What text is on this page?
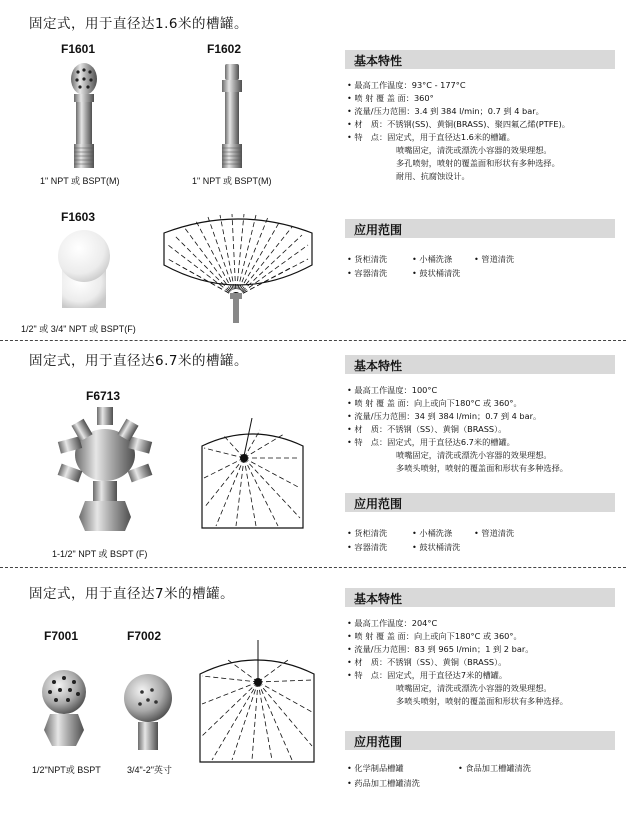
固定式，用于直径达1.6米的槽罐。
F1601	F1602
1" NPT 或 BSPT(M)	1" NPT 或 BSPT(M)
F1603
1/2" 或 3/4" NPT 或 BSPT(F)
基本特性
• 最高工作温度：93°C - 177°C
• 喷 射 覆 盖 面：360°
• 流量/压力范围：3.4 到 384 l/min；0.7 到 4 bar。
• 材　质：不锈钢(SS)、黄铜(BRASS)、聚四氟乙烯(PTFE)。
• 特　点：固定式，用于直径达1.6米的槽罐。
喷嘴固定，清洗或漂洗小容器的效果理想。
多孔喷射，喷射的覆盖面和形状有多种选择。
耐用、抗腐蚀设计。
应用范围
• 货柜清洗	• 小桶洗涤	• 管道清洗
• 容器清洗	• 鼓状桶清洗
固定式，用于直径达6.7米的槽罐。
F6713
1-1/2" NPT 或 BSPT (F)
基本特性
• 最高工作温度：100°C
• 喷 射 覆 盖 面：向上或向下180°C 或 360°。
• 流量/压力范围：34 到 384 l/min；0.7 到 4 bar。
• 材　质：不锈钢（SS）、黄铜（BRASS）。
• 特　点：固定式，用于直径达6.7米的槽罐。
喷嘴固定，清洗或漂洗小容器的效果理想。
多喷头喷射，喷射的覆盖面和形状有多种选择。
应用范围
• 货柜清洗	• 小桶洗涤	• 管道清洗
• 容器清洗	• 鼓状桶清洗
固定式，用于直径达7米的槽罐。
F7001	F7002
1/2"NPT或 BSPT	3/4"-2"英寸
基本特性
• 最高工作温度：204°C
• 喷 射 覆 盖 面：向上或向下180°C 或 360°。
• 流量/压力范围：83 到 965 l/min；1 到 2 bar。
• 材　质：不锈钢（SS）、黄铜（BRASS）。
• 特　点：固定式，用于直径达7米的槽罐。
喷嘴固定，清洗或漂洗小容器的效果理想。
多喷头喷射，喷射的覆盖面和形状有多种选择。
应用范围
• 化学制品槽罐	• 食品加工槽罐清洗
• 药品加工槽罐清洗
